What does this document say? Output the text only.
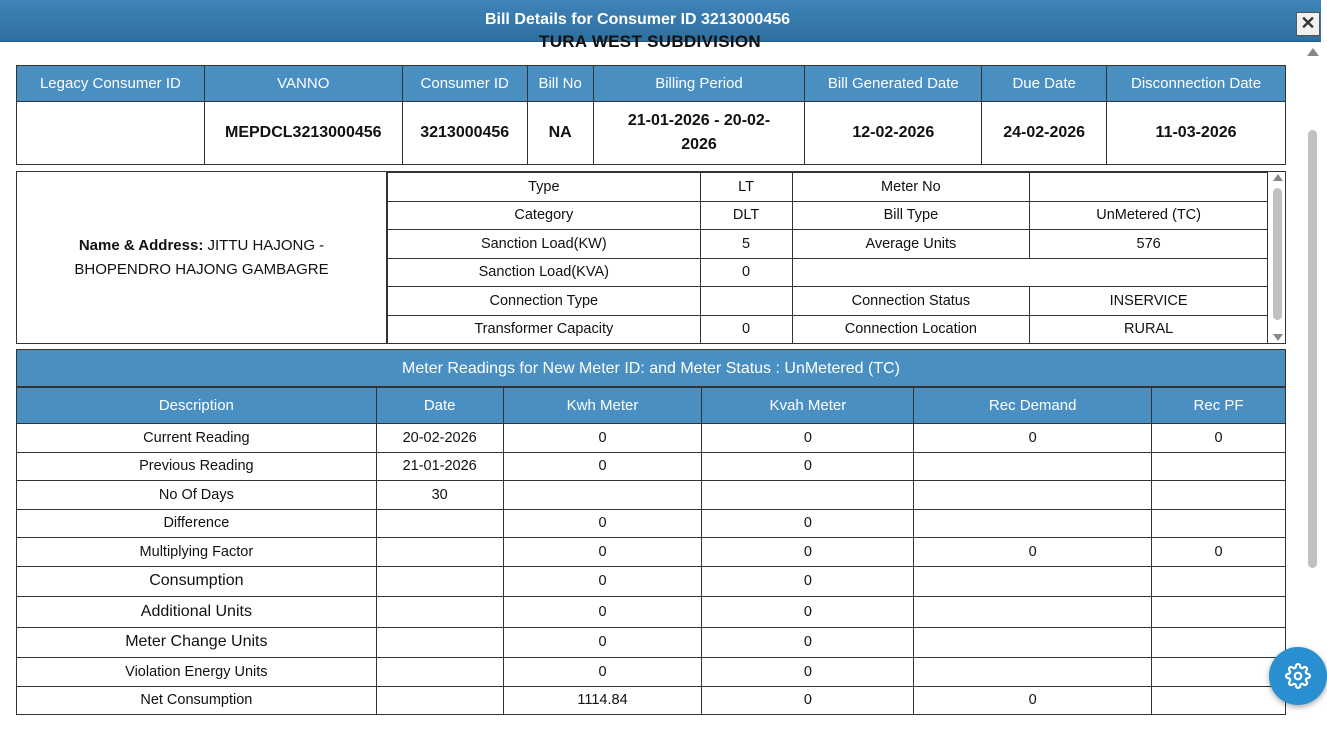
Bill Details for Consumer ID 3213000456	✕
TURA WEST SUBDIVISION
Legacy Consumer ID	VANNO	Consumer ID	Bill No	Billing Period	Bill Generated Date	Due Date	Disconnection Date
	MEPDCL3213000456	3213000456	NA	21-01-2026 - 20-02-2026	12-02-2026	24-02-2026	11-03-2026
Name & Address: JITTU HAJONG - BHOPENDRO HAJONG GAMBAGRE
Type	LT	Meter No	
Category	DLT	Bill Type	UnMetered (TC)
Sanction Load(KW)	5	Average Units	576
Sanction Load(KVA)	0		
Connection Type		Connection Status	INSERVICE
Transformer Capacity	0	Connection Location	RURAL
Meter Readings for New Meter ID: and Meter Status : UnMetered (TC)
Description	Date	Kwh Meter	Kvah Meter	Rec Demand	Rec PF
Current Reading	20-02-2026	0	0	0	0
Previous Reading	21-01-2026	0	0		
No Of Days	30				
Difference		0	0		
Multiplying Factor		0	0	0	0
Consumption		0	0		
Additional Units		0	0		
Meter Change Units		0	0		
Violation Energy Units		0	0		
Net Consumption		1114.84	0	0	
